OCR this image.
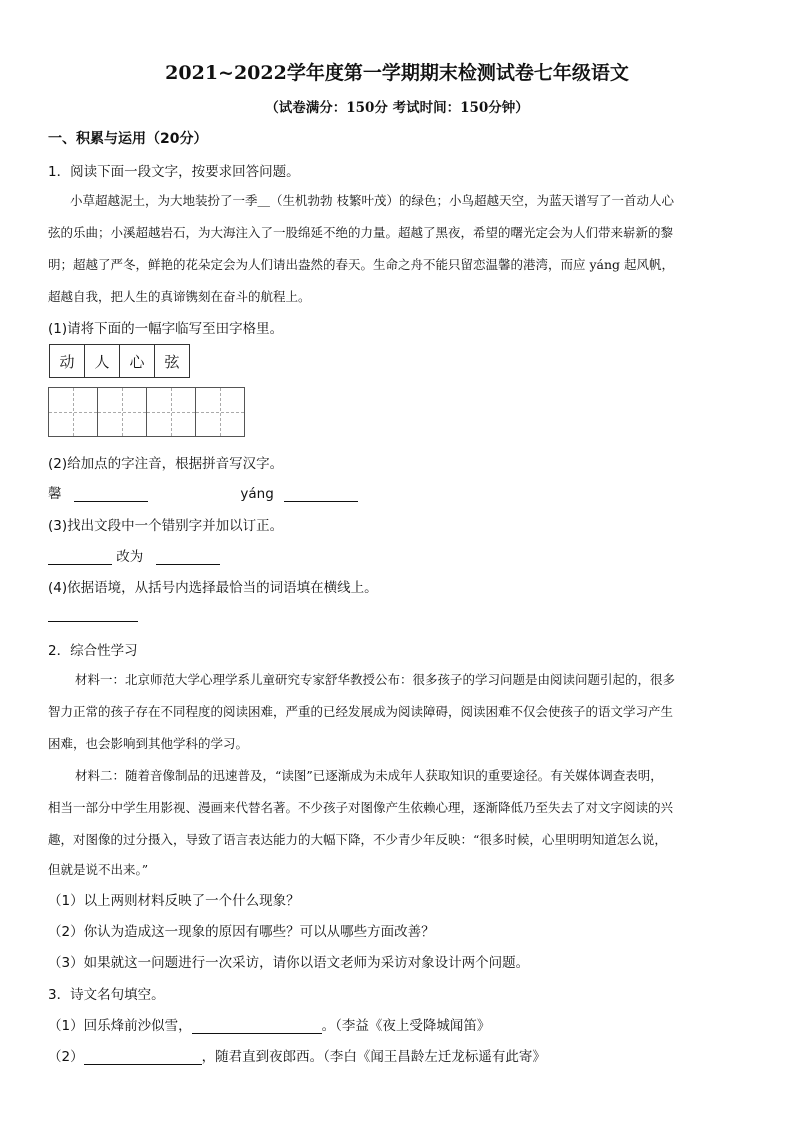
2021~2022学年度第一学期期末检测试卷七年级语文
（试卷满分：150分 考试时间：150分钟）
一、积累与运用（20分）
1．阅读下面一段文字，按要求回答问题。
小草超越泥土，为大地装扮了一季＿（生机勃勃 枝繁叶茂）的绿色；小鸟超越天空，为蓝天谱写了一首动人心
弦的乐曲；小溪超越岩石，为大海注入了一股绵延不绝的力量。超越了黑夜，希望的曙光定会为人们带来崭新的黎
明；超越了严冬，鲜艳的花朵定会为人们请出盎然的春天。生命之舟不能只留恋温馨的港湾，而应 yáng 起风帆，
超越自我，把人生的真谛镌刻在奋斗的航程上。
(1)请将下面的一幅字临写至田字格里。
动	人	心	弦
(2)给加点的字注音，根据拼音写汉字。
馨	yáng
(3)找出文段中一个错别字并加以订正。
改为
(4)依据语境，从括号内选择最恰当的词语填在横线上。
2．综合性学习
材料一：北京师范大学心理学系儿童研究专家舒华教授公布：很多孩子的学习问题是由阅读问题引起的，很多
智力正常的孩子存在不同程度的阅读困难，严重的已经发展成为阅读障碍，阅读困难不仅会使孩子的语文学习产生
困难，也会影响到其他学科的学习。
材料二：随着音像制品的迅速普及，“读图”已逐渐成为未成年人获取知识的重要途径。有关媒体调查表明，
相当一部分中学生用影视、漫画来代替名著。不少孩子对图像产生依赖心理，逐渐降低乃至失去了对文字阅读的兴
趣，对图像的过分摄入，导致了语言表达能力的大幅下降，不少青少年反映：“很多时候，心里明明知道怎么说，
但就是说不出来。”
（1）以上两则材料反映了一个什么现象？
（2）你认为造成这一现象的原因有哪些？可以从哪些方面改善？
（3）如果就这一问题进行一次采访，请你以语文老师为采访对象设计两个问题。
3．诗文名句填空。
（1）回乐烽前沙似雪，	。（李益《夜上受降城闻笛》
（2）	，随君直到夜郎西。（李白《闻王昌龄左迁龙标遥有此寄》
